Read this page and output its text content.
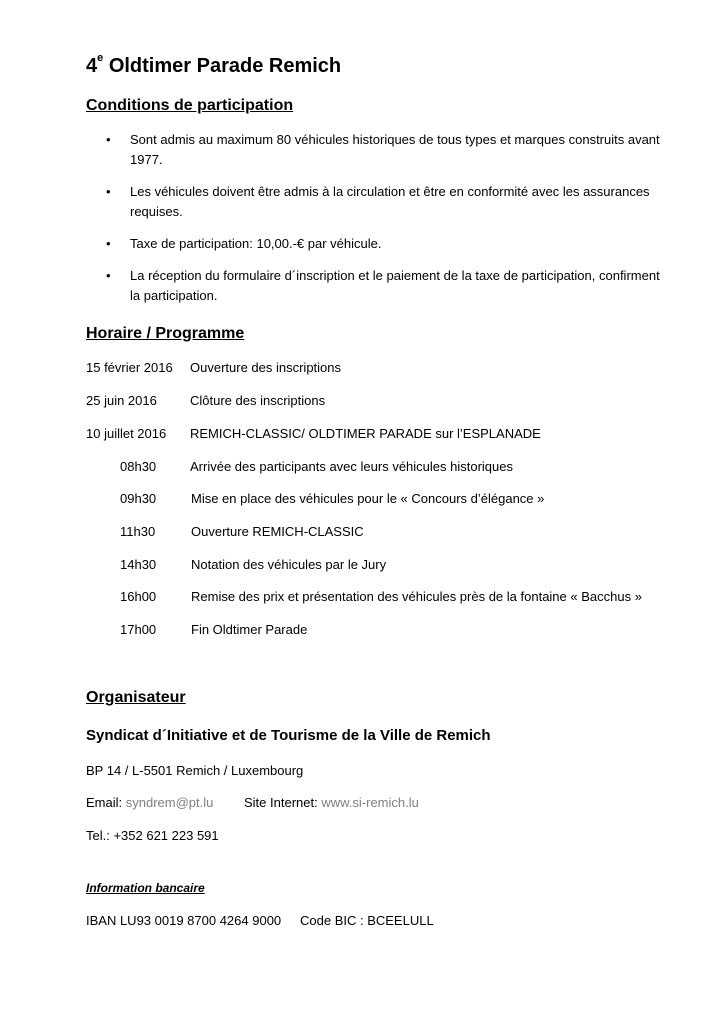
4e Oldtimer Parade Remich
Conditions de participation
• Sont admis au maximum 80 véhicules historiques de tous types et marques construits avant 1977.
• Les véhicules doivent être admis à la circulation et être en conformité avec les assurances requises.
• Taxe de participation: 10,00.-€ par véhicule.
• La réception du formulaire d´inscription et le paiement de la taxe de participation, confirment la participation.
Horaire / Programme
15 février 2016 Ouverture des inscriptions
25 juin 2016	Clôture des inscriptions
10 juillet 2016 REMICH-CLASSIC/ OLDTIMER PARADE sur l’ESPLANADE
08h30	Arrivée des participants avec leurs véhicules historiques
09h30	Mise en place des véhicules pour le « Concours d’élégance »
11h30	Ouverture REMICH-CLASSIC
14h30	Notation des véhicules par le Jury
16h00	Remise des prix et présentation des véhicules près de la fontaine « Bacchus »
17h00	Fin Oldtimer Parade
Organisateur
Syndicat d´Initiative et de Tourisme de la Ville de Remich
BP 14 / L-5501 Remich / Luxembourg
Email: syndrem@pt.lu Site Internet: www.si-remich.lu
Tel.: +352 621 223 591
Information bancaire
IBAN LU93 0019 8700 4264 9000 Code BIC : BCEELULL
